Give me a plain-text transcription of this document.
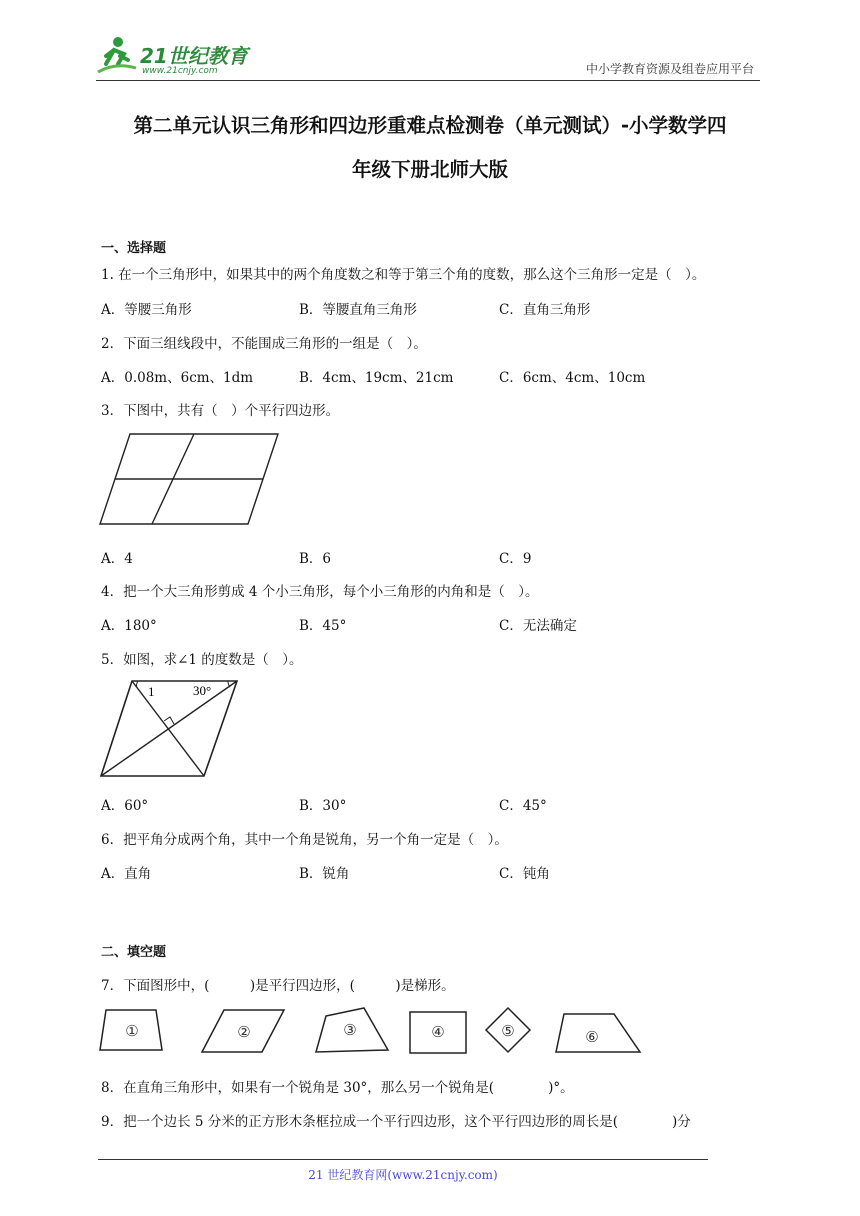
21世纪教育
www.21cnjy.com	中小学教育资源及组卷应用平台
第二单元认识三角形和四边形重难点检测卷（单元测试）-小学数学四
年级下册北师大版
一、选择题
1. 在一个三角形中，如果其中的两个角度数之和等于第三个角的度数，那么这个三角形一定是（　）。
A．等腰三角形	B．等腰直角三角形	C．直角三角形
2．下面三组线段中，不能围成三角形的一组是（　）。
A．0.08m、6cm、1dm	B．4cm、19cm、21cm	C．6cm、4cm、10cm
3．下图中，共有（　）个平行四边形。
A．4	B．6	C．9
4．把一个大三角形剪成 4 个小三角形，每个小三角形的内角和是（　）。
A．180°	B．45°	C．无法确定
5．如图，求∠1 的度数是（　）。
1	30°
A．60°	B．30°	C．45°
6．把平角分成两个角，其中一个角是锐角，另一个角一定是（　）。
A．直角	B．锐角	C．钝角
二、填空题
7．下面图形中，(　　　)是平行四边形，(　　　)是梯形。
①	②	③	④	⑤	⑥
8．在直角三角形中，如果有一个锐角是 30°，那么另一个锐角是(　　　　)°。
9．把一个边长 5 分米的正方形木条框拉成一个平行四边形，这个平行四边形的周长是(　　　　)分
21 世纪教育网(www.21cnjy.com)
